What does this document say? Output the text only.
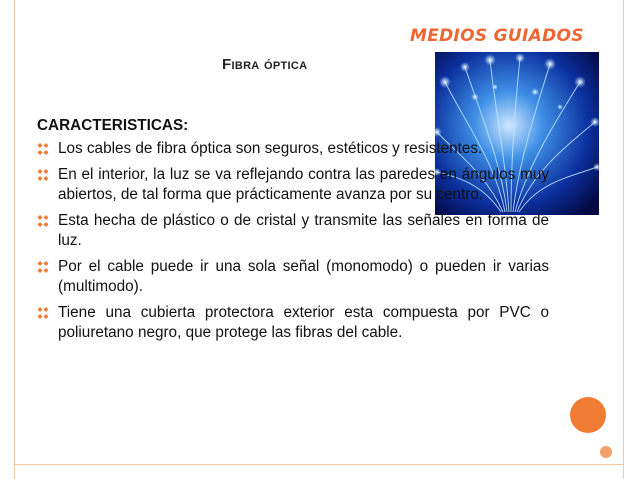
MEDIOS GUIADOS
Fibra óptica
CARACTERISTICAS:
Los cables de fibra óptica son seguros, estéticos y resistentes.
En el interior, la luz se va reflejando contra las paredes en ángulos muy abiertos, de tal forma que prácticamente avanza por su centro.
Esta hecha de plástico o de cristal y transmite las señales en forma de luz.
Por el cable puede ir una sola señal (monomodo) o pueden ir varias (multimodo).
Tiene una cubierta protectora exterior esta compuesta por PVC o poliuretano negro, que protege las fibras del cable.
